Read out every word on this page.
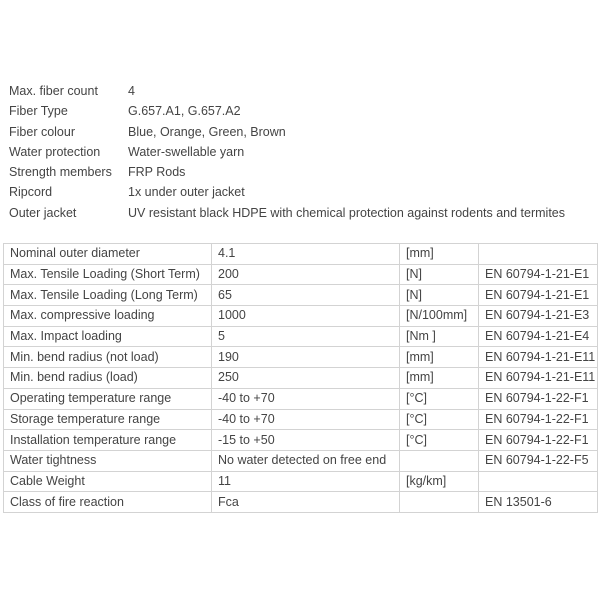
Max. fiber count	4
Fiber Type	G.657.A1, G.657.A2
Fiber colour	Blue, Orange, Green, Brown
Water protection	Water-swellable yarn
Strength members	FRP Rods
Ripcord	1x under outer jacket
Outer jacket	UV resistant black HDPE with chemical protection against rodents and termites
Nominal outer diameter	4.1	[mm]	
Max. Tensile Loading (Short Term)	200	[N]	EN 60794-1-21-E1
Max. Tensile Loading (Long Term)	65	[N]	EN 60794-1-21-E1
Max. compressive loading	1000	[N/100mm]	EN 60794-1-21-E3
Max. Impact loading	5	[Nm ]	EN 60794-1-21-E4
Min. bend radius (not load)	190	[mm]	EN 60794-1-21-E11
Min. bend radius (load)	250	[mm]	EN 60794-1-21-E11
Operating temperature range	-40 to +70	[°C]	EN 60794-1-22-F1
Storage temperature range	-40 to +70	[°C]	EN 60794-1-22-F1
Installation temperature range	-15 to +50	[°C]	EN 60794-1-22-F1
Water tightness	No water detected on free end		EN 60794-1-22-F5
Cable Weight	11	[kg/km]	
Class of fire reaction	Fca		EN 13501-6
